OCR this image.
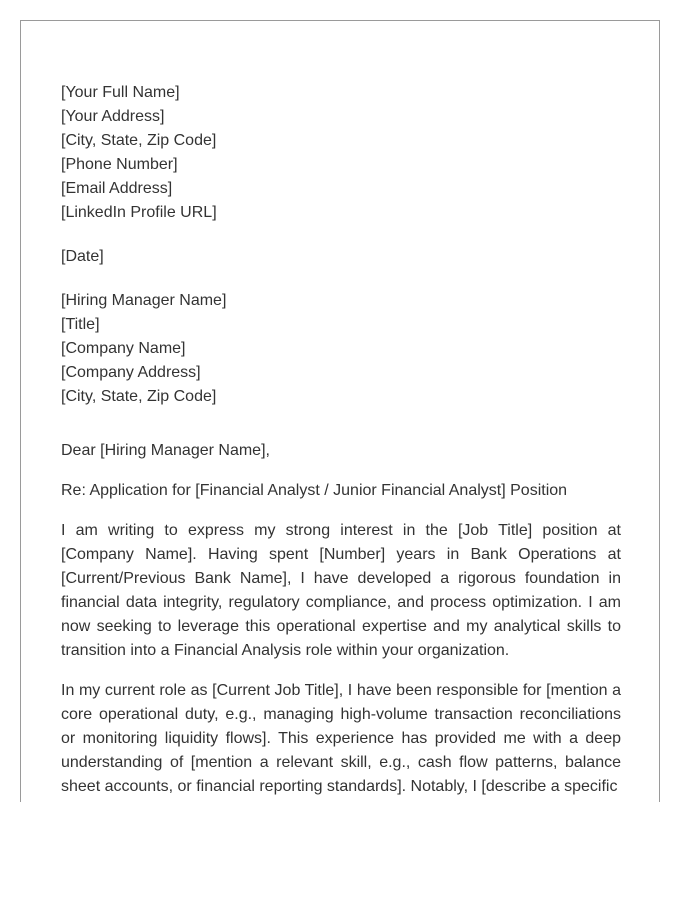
[Your Full Name]
[Your Address]
[City, State, Zip Code]
[Phone Number]
[Email Address]
[LinkedIn Profile URL]
[Date]
[Hiring Manager Name]
[Title]
[Company Name]
[Company Address]
[City, State, Zip Code]
Dear [Hiring Manager Name],
Re: Application for [Financial Analyst / Junior Financial Analyst] Position

I am writing to express my strong interest in the [Job Title] position at [Company Name]. Having spent [Number] years in Bank Operations at [Current/Previous Bank Name], I have developed a rigorous foundation in financial data integrity, regulatory compliance, and process optimization. I am now seeking to leverage this operational expertise and my analytical skills to transition into a Financial Analysis role within your organization.

In my current role as [Current Job Title], I have been responsible for [mention a core operational duty, e.g., managing high-volume transaction reconciliations or monitoring liquidity flows]. This experience has provided me with a deep understanding of [mention a relevant skill, e.g., cash flow patterns, balance sheet accounts, or financial reporting standards]. Notably, I [describe a specific
